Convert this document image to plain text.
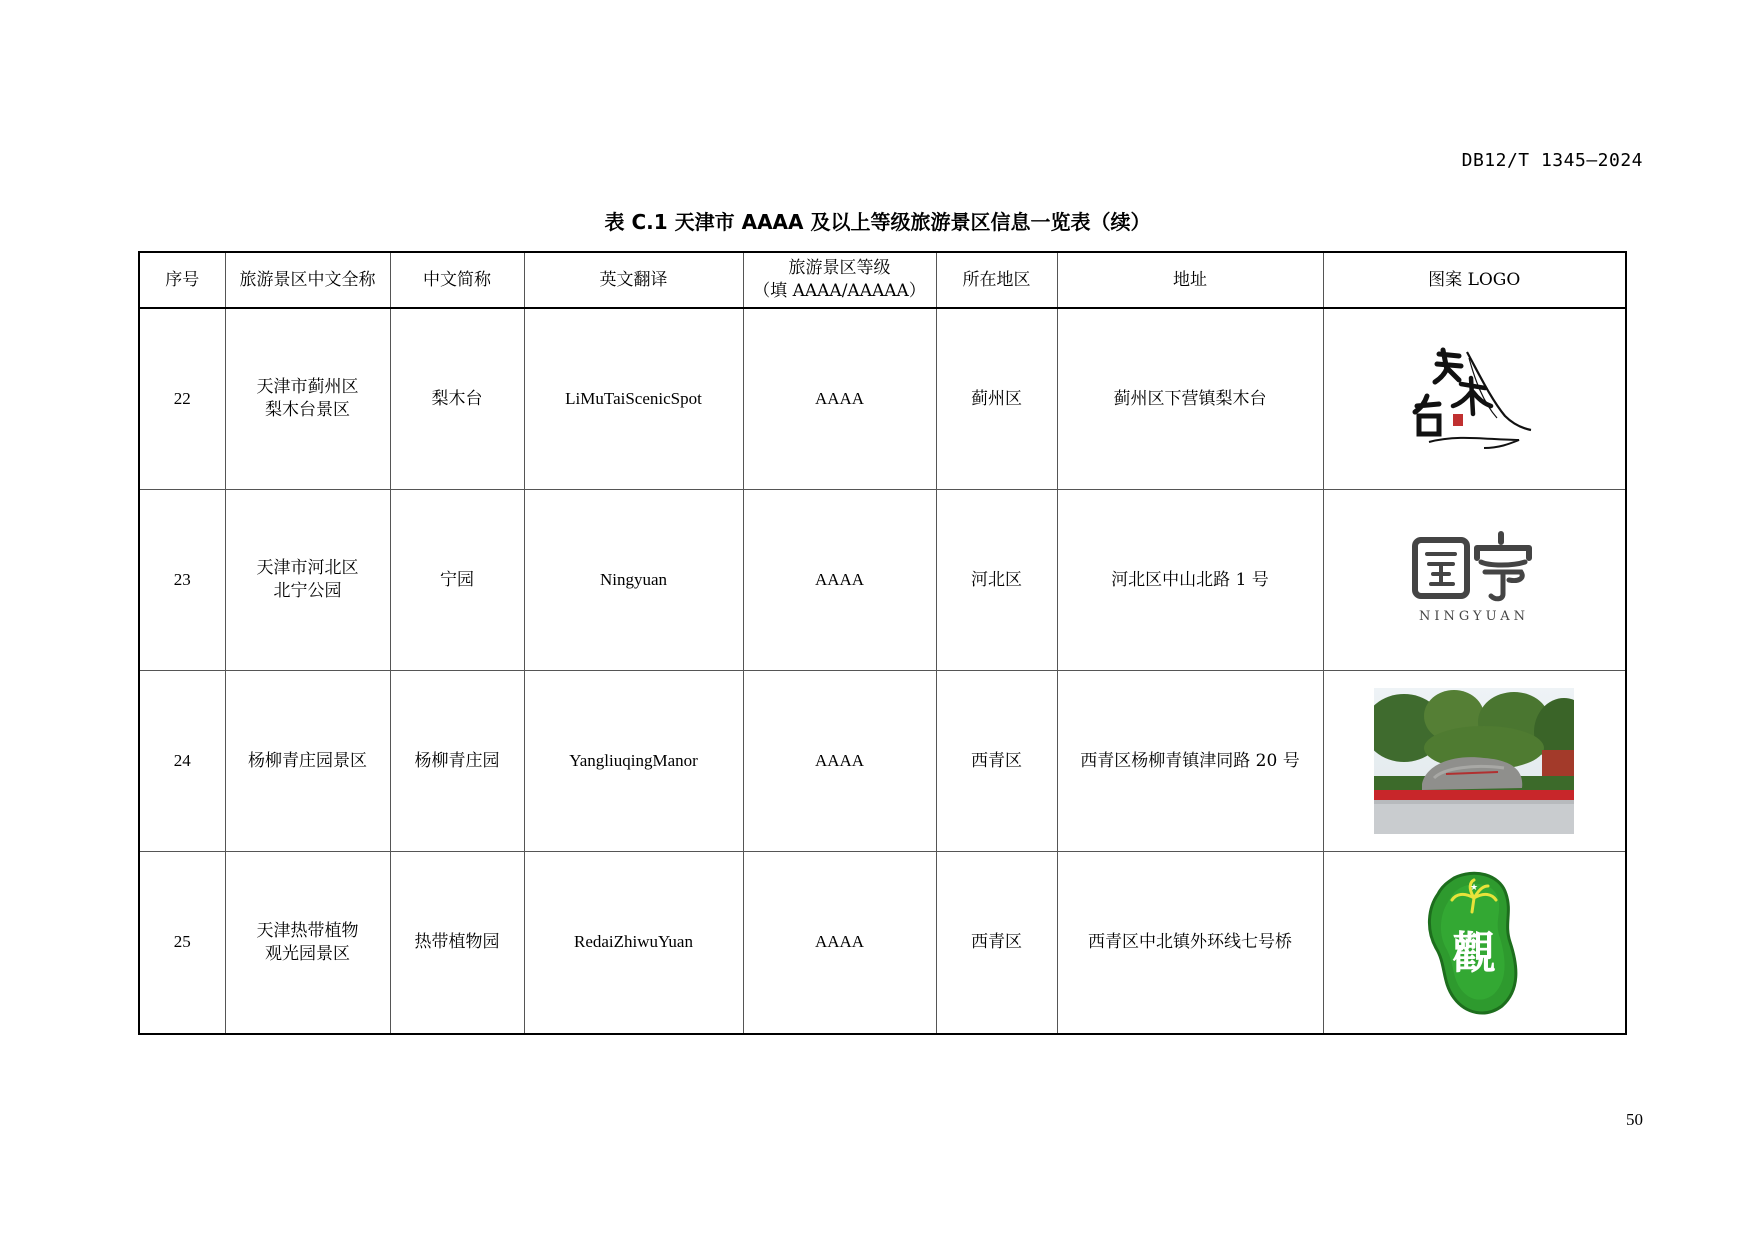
DB12/T 1345—2024
表 C.1 天津市 AAAA 及以上等级旅游景区信息一览表（续）
序号	旅游景区中文全称	中文简称	英文翻译	旅游景区等级
（填 AAAA/AAAAA）	所在地区	地址	图案 LOGO
22	天津市蓟州区
梨木台景区	梨木台	LiMuTaiScenicSpot	AAAA	蓟州区	蓟州区下营镇梨木台	

23	天津市河北区
北宁公园	宁园	Ningyuan	AAAA	河北区	河北区中山北路 1 号	NINGYUAN

24	杨柳青庄园景区	杨柳青庄园	YangliuqingManor	AAAA	西青区	西青区杨柳青镇津同路 20 号	

25	天津热带植物
观光园景区	热带植物园	RedaiZhiwuYuan	AAAA	西青区	西青区中北镇外环线七号桥	★
觀
50
